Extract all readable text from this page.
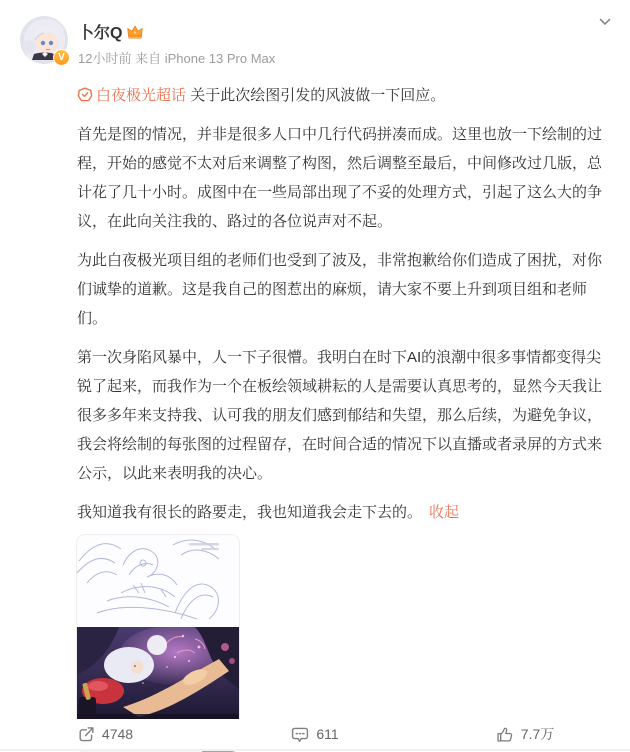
V
卜尔Q
12小时前 来自 iPhone 13 Pro Max
白夜极光超话 关于此次绘图引发的风波做一下回应。

首先是图的情况，并非是很多人口中几行代码拼凑而成。这里也放一下绘制的过程，开始的感觉不太对后来调整了构图，然后调整至最后，中间修改过几版，总计花了几十小时。成图中在一些局部出现了不妥的处理方式，引起了这么大的争议，在此向关注我的、路过的各位说声对不起。

为此白夜极光项目组的老师们也受到了波及，非常抱歉给你们造成了困扰，对你们诚挚的道歉。这是我自己的图惹出的麻烦，请大家不要上升到项目组和老师们。

第一次身陷风暴中，人一下子很懵。我明白在时下AI的浪潮中很多事情都变得尖锐了起来，而我作为一个在板绘领域耕耘的人是需要认真思考的，显然今天我让很多多年来支持我、认可我的朋友们感到郁结和失望，那么后续，为避免争议，我会将绘制的每张图的过程留存，在时间合适的情况下以直播或者录屏的方式来公示，以此来表明我的决心。

我知道我有很长的路要走，我也知道我会走下去的。 收起

4748	611	7.7万
